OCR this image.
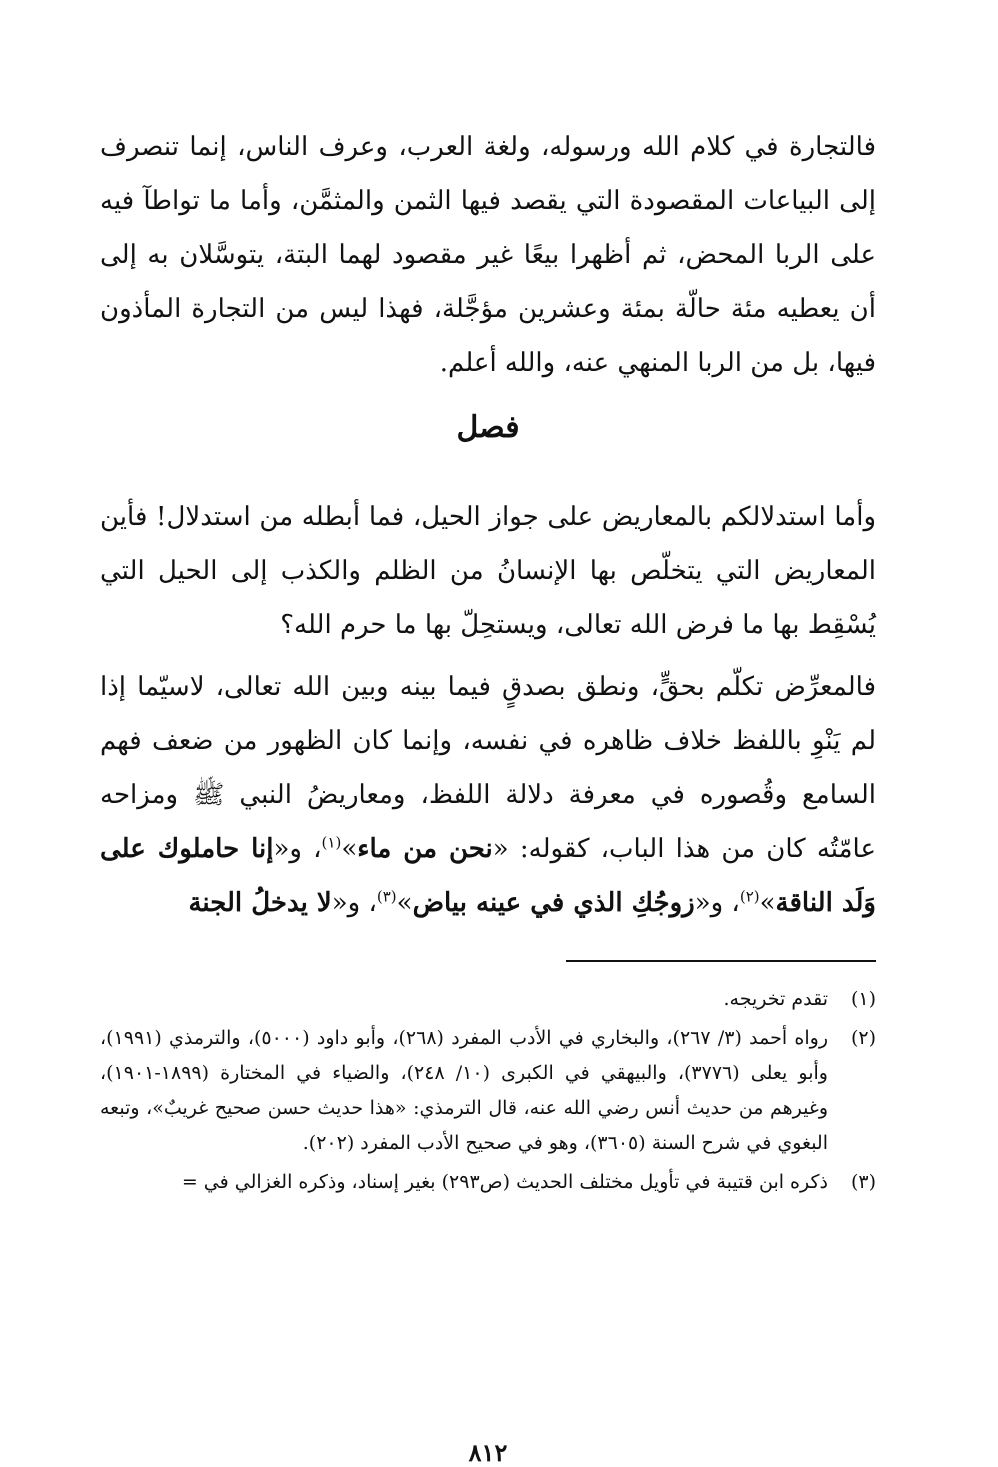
فالتجارة في كلام الله ورسوله، ولغة العرب، وعرف الناس، إنما تنصرف إلى البياعات المقصودة التي يقصد فيها الثمن والمثمَّن، وأما ما تواطآ فيه على الربا المحض، ثم أظهرا بيعًا غير مقصود لهما البتة، يتوسَّلان به إلى أن يعطيه مئة حالّة بمئة وعشرين مؤجَّلة، فهذا ليس من التجارة المأذون فيها، بل من الربا المنهي عنه، والله أعلم.

فصل

وأما استدلالكم بالمعاريض على جواز الحيل، فما أبطله من استدلال! فأين المعاريض التي يتخلّص بها الإنسانُ من الظلم والكذب إلى الحيل التي يُسْقِط بها ما فرض الله تعالى، ويستحِلّ بها ما حرم الله؟

فالمعرِّض تكلّم بحقٍّ، ونطق بصدقٍ فيما بينه وبين الله تعالى، لاسيّما إذا لم يَنْوِ باللفظ خلاف ظاهره في نفسه، وإنما كان الظهور من ضعف فهم السامع وقُصوره في معرفة دلالة اللفظ، ومعاريضُ النبي ﷺ ومزاحه عامّتُه كان من هذا الباب، كقوله: «نحن من ماء»$^{(١)}$، و«إنا حاملوك على وَلَد الناقة»$^{(٢)}$، و«زوجُكِ الذي في عينه بياض»$^{(٣)}$، و«لا يدخلُ الجنة

(١)
تقدم تخريجه.
(٢)
رواه أحمد (٣/ ٢٦٧)، والبخاري في الأدب المفرد (٢٦٨)، وأبو داود (٥٠٠٠)، والترمذي (١٩٩١)، وأبو يعلى (٣٧٧٦)، والبيهقي في الكبرى (١٠/ ٢٤٨)، والضياء في المختارة (١٨٩٩-١٩٠١)، وغيرهم من حديث أنس رضي الله عنه، قال الترمذي: «هذا حديث حسن صحيح غريبٌ»، وتبعه البغوي في شرح السنة (٣٦٠٥)، وهو في صحيح الأدب المفرد (٢٠٢).
(٣)
ذكره ابن قتيبة في تأويل مختلف الحديث (ص٢٩٣) بغير إسناد، وذكره الغزالي في =
٨١٢
